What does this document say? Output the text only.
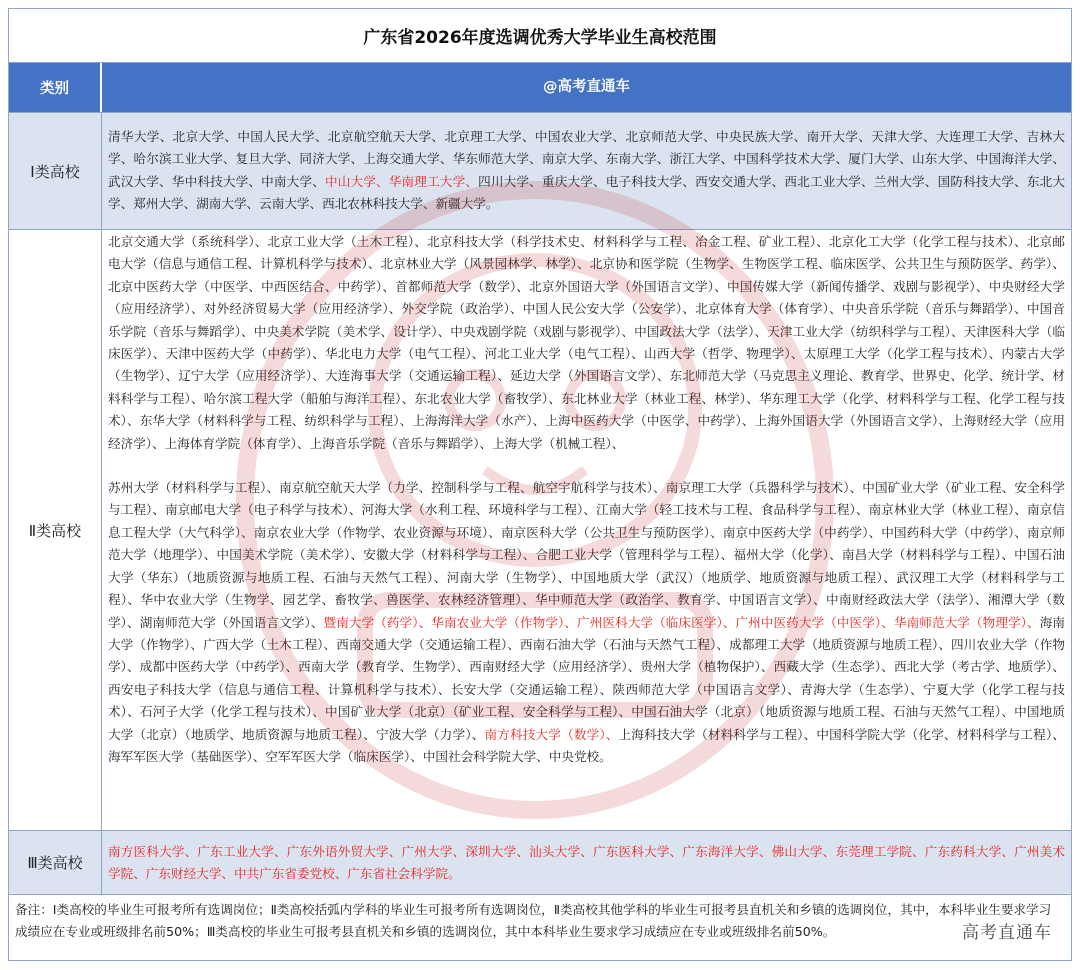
广东省2026年度选调优秀大学毕业生高校范围
类别	@高考直通车
Ⅰ类高校
清华大学、北京大学、中国人民大学、北京航空航天大学、北京理工大学、中国农业大学、北京师范大学、中央民族大学、南开大学、天津大学、大连理工大学、吉林大学、哈尔滨工业大学、复旦大学、同济大学、上海交通大学、华东师范大学、南京大学、东南大学、浙江大学、中国科学技术大学、厦门大学、山东大学、中国海洋大学、武汉大学、华中科技大学、中南大学、中山大学、华南理工大学、四川大学、重庆大学、电子科技大学、西安交通大学、西北工业大学、兰州大学、国防科技大学、东北大学、郑州大学、湖南大学、云南大学、西北农林科技大学、新疆大学。
Ⅱ类高校
北京交通大学（系统科学）、北京工业大学（土木工程）、北京科技大学（科学技术史、材料科学与工程、冶金工程、矿业工程）、北京化工大学（化学工程与技术）、北京邮电大学（信息与通信工程、计算机科学与技术）、北京林业大学（风景园林学、林学）、北京协和医学院（生物学、生物医学工程、临床医学、公共卫生与预防医学、药学）、北京中医药大学（中医学、中西医结合、中药学）、首都师范大学（数学）、北京外国语大学（外国语言文学）、中国传媒大学（新闻传播学、戏剧与影视学）、中央财经大学（应用经济学）、对外经济贸易大学（应用经济学）、外交学院（政治学）、中国人民公安大学（公安学）、北京体育大学（体育学）、中央音乐学院（音乐与舞蹈学）、中国音乐学院（音乐与舞蹈学）、中央美术学院（美术学、设计学）、中央戏剧学院（戏剧与影视学）、中国政法大学（法学）、天津工业大学（纺织科学与工程）、天津医科大学（临床医学）、天津中医药大学（中药学）、华北电力大学（电气工程）、河北工业大学（电气工程）、山西大学（哲学、物理学）、太原理工大学（化学工程与技术）、内蒙古大学（生物学）、辽宁大学（应用经济学）、大连海事大学（交通运输工程）、延边大学（外国语言文学）、东北师范大学（马克思主义理论、教育学、世界史、化学、统计学、材料科学与工程）、哈尔滨工程大学（船舶与海洋工程）、东北农业大学（畜牧学）、东北林业大学（林业工程、林学）、华东理工大学（化学、材料科学与工程、化学工程与技术）、东华大学（材料科学与工程、纺织科学与工程）、上海海洋大学（水产）、上海中医药大学（中医学、中药学）、上海外国语大学（外国语言文学）、上海财经大学（应用经济学）、上海体育学院（体育学）、上海音乐学院（音乐与舞蹈学）、上海大学（机械工程）、
苏州大学（材料科学与工程）、南京航空航天大学（力学、控制科学与工程、航空宇航科学与技术）、南京理工大学（兵器科学与技术）、中国矿业大学（矿业工程、安全科学与工程）、南京邮电大学（电子科学与技术）、河海大学（水利工程、环境科学与工程）、江南大学（轻工技术与工程、食品科学与工程）、南京林业大学（林业工程）、南京信息工程大学（大气科学）、南京农业大学（作物学、农业资源与环境）、南京医科大学（公共卫生与预防医学）、南京中医药大学（中药学）、中国药科大学（中药学）、南京师范大学（地理学）、中国美术学院（美术学）、安徽大学（材料科学与工程）、合肥工业大学（管理科学与工程）、福州大学（化学）、南昌大学（材料科学与工程）、中国石油大学（华东）（地质资源与地质工程、石油与天然气工程）、河南大学（生物学）、中国地质大学（武汉）（地质学、地质资源与地质工程）、武汉理工大学（材料科学与工程）、华中农业大学（生物学、园艺学、畜牧学、兽医学、农林经济管理）、华中师范大学（政治学、教育学、中国语言文学）、中南财经政法大学（法学）、湘潭大学（数学）、湖南师范大学（外国语言文学）、暨南大学（药学）、华南农业大学（作物学）、广州医科大学（临床医学）、广州中医药大学（中医学）、华南师范大学（物理学）、海南大学（作物学）、广西大学（土木工程）、西南交通大学（交通运输工程）、西南石油大学（石油与天然气工程）、成都理工大学（地质资源与地质工程）、四川农业大学（作物学）、成都中医药大学（中药学）、西南大学（教育学、生物学）、西南财经大学（应用经济学）、贵州大学（植物保护）、西藏大学（生态学）、西北大学（考古学、地质学）、西安电子科技大学（信息与通信工程、计算机科学与技术）、长安大学（交通运输工程）、陕西师范大学（中国语言文学）、青海大学（生态学）、宁夏大学（化学工程与技术）、石河子大学（化学工程与技术）、中国矿业大学（北京）（矿业工程、安全科学与工程）、中国石油大学（北京）（地质资源与地质工程、石油与天然气工程）、中国地质大学（北京）（地质学、地质资源与地质工程）、宁波大学（力学）、南方科技大学（数学）、上海科技大学（材料科学与工程）、中国科学院大学（化学、材料科学与工程）、海军军医大学（基础医学）、空军军医大学（临床医学）、中国社会科学院大学、中央党校。
Ⅲ类高校
南方医科大学、广东工业大学、广东外语外贸大学、广州大学、深圳大学、汕头大学、广东医科大学、广东海洋大学、佛山大学、东莞理工学院、广东药科大学、广州美术学院、广东财经大学、中共广东省委党校、广东省社会科学院。
备注：Ⅰ类高校的毕业生可报考所有选调岗位；Ⅱ类高校括弧内学科的毕业生可报考所有选调岗位，Ⅱ类高校其他学科的毕业生可报考县直机关和乡镇的选调岗位，其中，本科毕业生要求学习成绩应在专业或班级排名前50%；Ⅲ类高校的毕业生可报考县直机关和乡镇的选调岗位，其中本科毕业生要求学习成绩应在专业或班级排名前50%。	高考直通车
